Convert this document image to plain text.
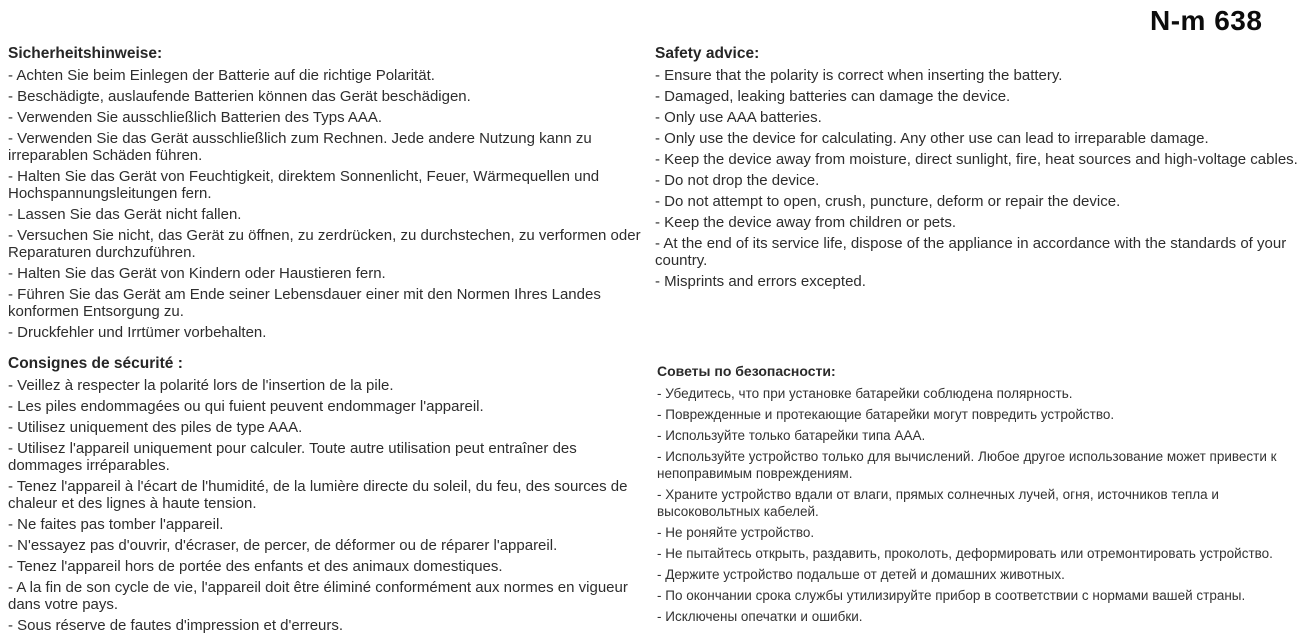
N-m 638
Sicherheitshinweise:

- Achten Sie beim Einlegen der Batterie auf die richtige Polarität.

- Beschädigte, auslaufende Batterien können das Gerät beschädigen.

- Verwenden Sie ausschließlich Batterien des Typs AAA.

- Verwenden Sie das Gerät ausschließlich zum Rechnen. Jede andere Nutzung kann zu irreparablen Schäden führen.

- Halten Sie das Gerät von Feuchtigkeit, direktem Sonnenlicht, Feuer, Wärmequellen und Hochspannungsleitungen fern.

- Lassen Sie das Gerät nicht fallen.

- Versuchen Sie nicht, das Gerät zu öffnen, zu zerdrücken, zu durchstechen, zu verformen oder Reparaturen durchzuführen.

- Halten Sie das Gerät von Kindern oder Haustieren fern.

- Führen Sie das Gerät am Ende seiner Lebensdauer einer mit den Normen Ihres Landes konformen Entsorgung zu.

- Druckfehler und Irrtümer vorbehalten.

Safety advice:

- Ensure that the polarity is correct when inserting the battery.

- Damaged, leaking batteries can damage the device.

- Only use AAA batteries.

- Only use the device for calculating. Any other use can lead to irreparable damage.

- Keep the device away from moisture, direct sunlight, fire, heat sources and high-voltage cables.

- Do not drop the device.

- Do not attempt to open, crush, puncture, deform or repair the device.

- Keep the device away from children or pets.

- At the end of its service life, dispose of the appliance in accordance with the standards of your country.

- Misprints and errors excepted.

Consignes de sécurité :

- Veillez à respecter la polarité lors de l'insertion de la pile.

- Les piles endommagées ou qui fuient peuvent endommager l'appareil.

- Utilisez uniquement des piles de type AAA.

- Utilisez l'appareil uniquement pour calculer. Toute autre utilisation peut entraîner des dommages irréparables.

- Tenez l'appareil à l'écart de l'humidité, de la lumière directe du soleil, du feu, des sources de chaleur et des lignes à haute tension.

- Ne faites pas tomber l'appareil.

- N'essayez pas d'ouvrir, d'écraser, de percer, de déformer ou de réparer l'appareil.

- Tenez l'appareil hors de portée des enfants et des animaux domestiques.

- A la fin de son cycle de vie, l'appareil doit être éliminé conformément aux normes en vigueur dans votre pays.

- Sous réserve de fautes d'impression et d'erreurs.

Советы по безопасности:

- Убедитесь, что при установке батарейки соблюдена полярность.

- Поврежденные и протекающие батарейки могут повредить устройство.

- Используйте только батарейки типа AAA.

- Используйте устройство только для вычислений. Любое другое использование может привести к непоправимым повреждениям.

- Храните устройство вдали от влаги, прямых солнечных лучей, огня, источников тепла и высоковольтных кабелей.

- Не роняйте устройство.

- Не пытайтесь открыть, раздавить, проколоть, деформировать или отремонтировать устройство.

- Держите устройство подальше от детей и домашних животных.

- По окончании срока службы утилизируйте прибор в соответствии с нормами вашей страны.

- Исключены опечатки и ошибки.
